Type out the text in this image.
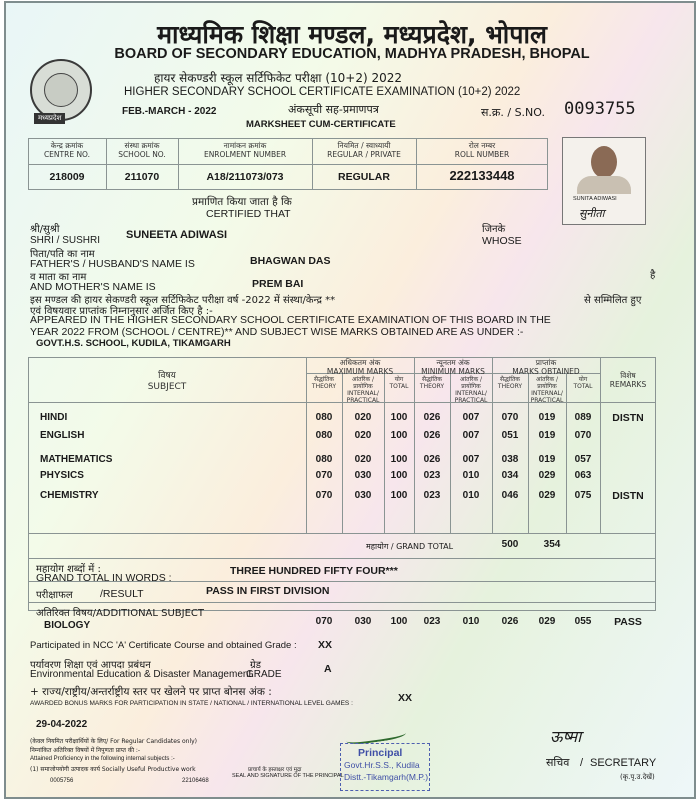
मध्यप्रदेश
माध्यमिक शिक्षा मण्डल, मध्यप्रदेश, भोपाल
BOARD OF SECONDARY EDUCATION, MADHYA PRADESH, BHOPAL
हायर सेकण्डरी स्कूल सर्टिफिकेट परीक्षा (10+2) 2022
HIGHER SECONDARY SCHOOL CERTIFICATE EXAMINATION (10+2) 2022
FEB.-MARCH - 2022	अंकसूची सह-प्रमाणपत्र
MARKSHEET CUM-CERTIFICATE
स.क्र. / S.NO. 0093755
केन्द्र क्रमांक
CENTRE NO.
संस्था क्रमांक
SCHOOL NO.
नामांकन क्रमांक
ENROLMENT NUMBER
नियमित / स्वाध्यायी
REGULAR / PRIVATE
रोल नम्बर
ROLL NUMBER
218009	211070	A18/211073/073	REGULAR	222133448
SUNITA ADIWASI
सुनीता
प्रमाणित किया जाता है कि
CERTIFIED THAT
श्री/सुश्री
SHRI / SUSHRI SUNEETA ADIWASI	जिनके
WHOSE
पिता/पति का नाम
FATHER'S / HUSBAND'S NAME IS	BHAGWAN DAS
व माता का नाम	है
AND MOTHER'S NAME IS	PREM BAI
इस मण्डल की हायर सेकण्डरी स्कूल सर्टिफिकेट परीक्षा वर्ष -2022 में संस्था/केन्द्र **	से सम्मिलित हुए
एवं विषयवार प्राप्तांक निम्नानुसार अर्जित किए है :-
APPEARED IN THE HIGHER SECONDARY SCHOOL CERTIFICATE EXAMINATION OF THIS BOARD IN THE
YEAR 2022 FROM (SCHOOL / CENTRE)** AND SUBJECT WISE MARKS OBTAINED ARE AS UNDER :-
GOVT.H.S. SCHOOL, KUDILA, TIKAMGARH
विषय
SUBJECT
अधिकतम अंक
MAXIMUM MARKS
न्यूनतम अंक
MINIMUM MARKS
प्राप्तांक
MARKS OBTAINED	विशेष
REMARKS
सैद्धांतिक
THEORY
आंतरिक / प्रायोगिक
INTERNAL/ PRACTICAL
योग
TOTAL
सैद्धांतिक
THEORY
आंतरिक / प्रायोगिक
INTERNAL/ PRACTICAL
सैद्धांतिक
THEORY
आंतरिक / प्रायोगिक
INTERNAL/ PRACTICAL
योग
TOTAL
HINDI	080	020	100	026	007	070	019	089	DISTN
ENGLISH	080	020	100	026	007	051	019	070
MATHEMATICS	080	020	100	026	007	038	019	057
PHYSICS	070	030	100	023	010	034	029	063
CHEMISTRY	070	030	100	023	010	046	029	075	DISTN
महायोग / GRAND TOTAL	500	354
महायोग शब्दों में :
GRAND TOTAL IN WORDS :
THREE HUNDRED FIFTY FOUR***
परीक्षाफल	/RESULT	PASS IN FIRST DIVISION
अतिरिक्त विषय/ADDITIONAL SUBJECT
BIOLOGY	070	030	100	023	010	026	029	055	PASS
Participated in NCC 'A' Certificate Course and obtained Grade : XX
पर्यावरण शिक्षा एवं आपदा प्रबंधन
Environmental Education & Disaster Management.
ग्रेड
GRADE	A
+ राज्य/राष्ट्रीय/अन्तर्राष्ट्रीय स्तर पर खेलने पर प्राप्त बोनस अंक :
AWARDED BONUS MARKS FOR PARTICIPATION IN STATE / NATIONAL / INTERNATIONAL LEVEL GAMES :	XX
29-04-2022
(केवल नियमित परीक्षार्थियों के लिए/ For Regular Candidates only)
निम्नांकित अतिरिक्त विषयों में निपुणता प्राप्त की :-
Attained Proficiency in the following internal subjects :-
(1) समाजोपयोगी उत्पादक कार्य Socially Useful Productive work
0005756	22106468
Principal
Govt.Hr.S.S., Kudila
Distt.-Tikamgarh(M.P.)
प्राचार्य के हस्ताक्षर एवं मुद्रा
SEAL AND SIGNATURE OF THE PRINCIPAL
ऊष्मा
सचिव / SECRETARY
(कृ.पृ.उ.देखें)
